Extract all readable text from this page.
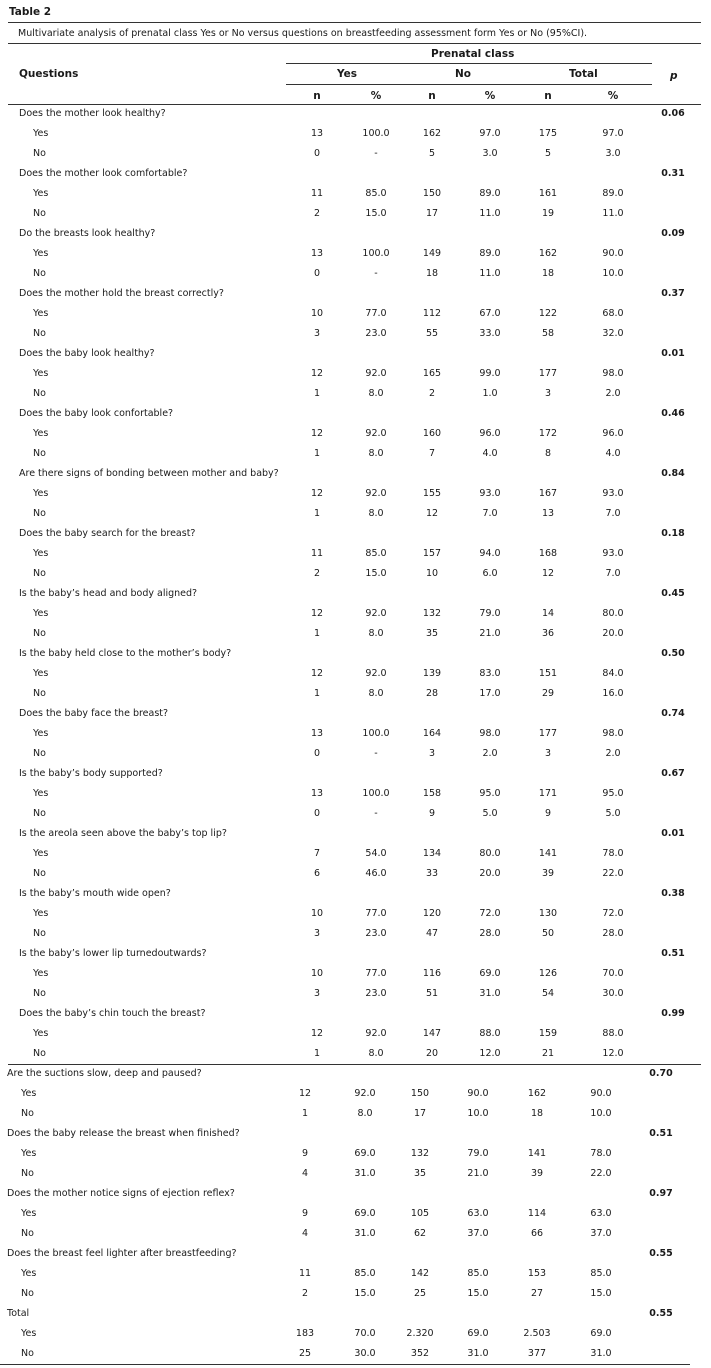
Table 2
Multivariate analysis of prenatal class Yes or No versus questions on breastfeeding assessment form Yes or No (95%CI).
Questions
Prenatal class
Yes	No	Total	p
n	%	n	%	n	%
Does the mother look healthy?	0.06
Yes	13	100.0	162	97.0	175	97.0
No	0	-	5	3.0	5	3.0
Does the mother look comfortable?	0.31
Yes	11	85.0	150	89.0	161	89.0
No	2	15.0	17	11.0	19	11.0
Do the breasts look healthy?	0.09
Yes	13	100.0	149	89.0	162	90.0
No	0	-	18	11.0	18	10.0
Does the mother hold the breast correctly?	0.37
Yes	10	77.0	112	67.0	122	68.0
No	3	23.0	55	33.0	58	32.0
Does the baby look healthy?	0.01
Yes	12	92.0	165	99.0	177	98.0
No	1	8.0	2	1.0	3	2.0
Does the baby look confortable?	0.46
Yes	12	92.0	160	96.0	172	96.0
No	1	8.0	7	4.0	8	4.0
Are there signs of bonding between mother and baby?	0.84
Yes	12	92.0	155	93.0	167	93.0
No	1	8.0	12	7.0	13	7.0
Does the baby search for the breast?	0.18
Yes	11	85.0	157	94.0	168	93.0
No	2	15.0	10	6.0	12	7.0
Is the baby’s head and body aligned?	0.45
Yes	12	92.0	132	79.0	14	80.0
No	1	8.0	35	21.0	36	20.0
Is the baby held close to the mother’s body?	0.50
Yes	12	92.0	139	83.0	151	84.0
No	1	8.0	28	17.0	29	16.0
Does the baby face the breast?	0.74
Yes	13	100.0	164	98.0	177	98.0
No	0	-	3	2.0	3	2.0
Is the baby’s body supported?	0.67
Yes	13	100.0	158	95.0	171	95.0
No	0	-	9	5.0	9	5.0
Is the areola seen above the baby’s top lip?	0.01
Yes	7	54.0	134	80.0	141	78.0
No	6	46.0	33	20.0	39	22.0
Is the baby’s mouth wide open?	0.38
Yes	10	77.0	120	72.0	130	72.0
No	3	23.0	47	28.0	50	28.0
Is the baby’s lower lip turnedoutwards?	0.51
Yes	10	77.0	116	69.0	126	70.0
No	3	23.0	51	31.0	54	30.0
Does the baby’s chin touch the breast?	0.99
Yes	12	92.0	147	88.0	159	88.0
No	1	8.0	20	12.0	21	12.0
Are the suctions slow, deep and paused?	0.70
Yes	12	92.0	150	90.0	162	90.0
No	1	8.0	17	10.0	18	10.0
Does the baby release the breast when finished?	0.51
Yes	9	69.0	132	79.0	141	78.0
No	4	31.0	35	21.0	39	22.0
Does the mother notice signs of ejection reflex?	0.97
Yes	9	69.0	105	63.0	114	63.0
No	4	31.0	62	37.0	66	37.0
Does the breast feel lighter after breastfeeding?	0.55
Yes	11	85.0	142	85.0	153	85.0
No	2	15.0	25	15.0	27	15.0
Total	0.55
Yes	183	70.0	2.320	69.0	2.503	69.0
No	25	30.0	352	31.0	377	31.0
